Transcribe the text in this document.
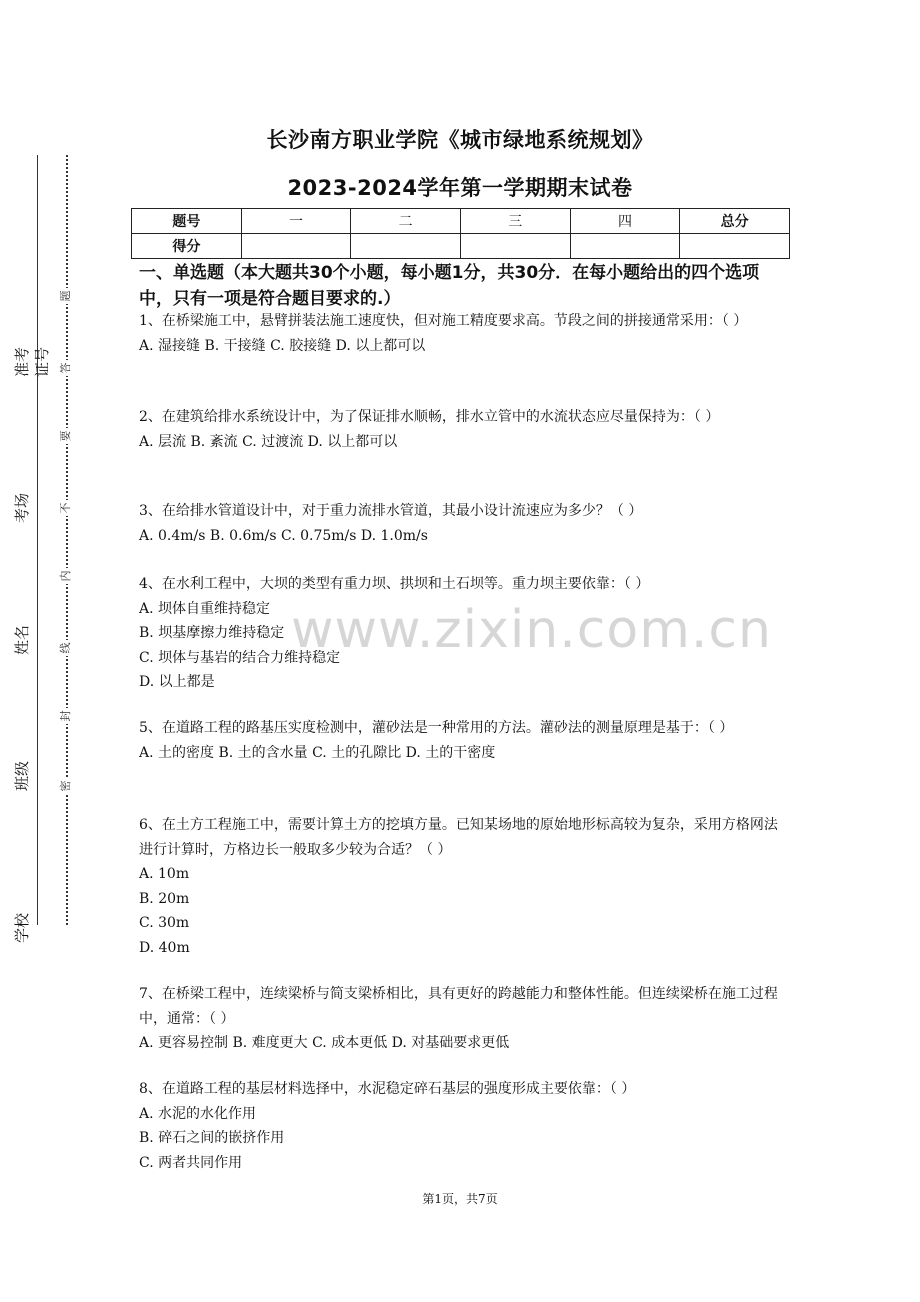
准考证号
考场
姓名
班级
学校
题
答
要
不
内
线
封
密
长沙南方职业学院《城市绿地系统规划》
2023-2024学年第一学期期末试卷
题号	一	二	三	四	总分
得分					
一、单选题（本大题共30个小题，每小题1分，共30分．在每小题给出的四个选项中，只有一项是符合题目要求的.）

1、在桥梁施工中，悬臂拼装法施工速度快，但对施工精度要求高。节段之间的拼接通常采用：（ ）

A. 湿接缝 B. 干接缝 C. 胶接缝 D. 以上都可以

2、在建筑给排水系统设计中，为了保证排水顺畅，排水立管中的水流状态应尽量保持为：（ ）

A. 层流 B. 紊流 C. 过渡流 D. 以上都可以

3、在给排水管道设计中，对于重力流排水管道，其最小设计流速应为多少？（ ）

A. 0.4m/s B. 0.6m/s C. 0.75m/s D. 1.0m/s

4、在水利工程中，大坝的类型有重力坝、拱坝和土石坝等。重力坝主要依靠：（ ）

A. 坝体自重维持稳定

B. 坝基摩擦力维持稳定

C. 坝体与基岩的结合力维持稳定

D. 以上都是

5、在道路工程的路基压实度检测中，灌砂法是一种常用的方法。灌砂法的测量原理是基于：（ ）

A. 土的密度 B. 土的含水量 C. 土的孔隙比 D. 土的干密度

6、在土方工程施工中，需要计算土方的挖填方量。已知某场地的原始地形标高较为复杂，采用方格网法进行计算时，方格边长一般取多少较为合适？（ ）

A. 10m

B. 20m

C. 30m

D. 40m

7、在桥梁工程中，连续梁桥与简支梁桥相比，具有更好的跨越能力和整体性能。但连续梁桥在施工过程中，通常：（ ）

A. 更容易控制 B. 难度更大 C. 成本更低 D. 对基础要求更低

8、在道路工程的基层材料选择中，水泥稳定碎石基层的强度形成主要依靠：（ ）

A. 水泥的水化作用

B. 碎石之间的嵌挤作用

C. 两者共同作用

www.zixin.com.cn
第1页，共7页
